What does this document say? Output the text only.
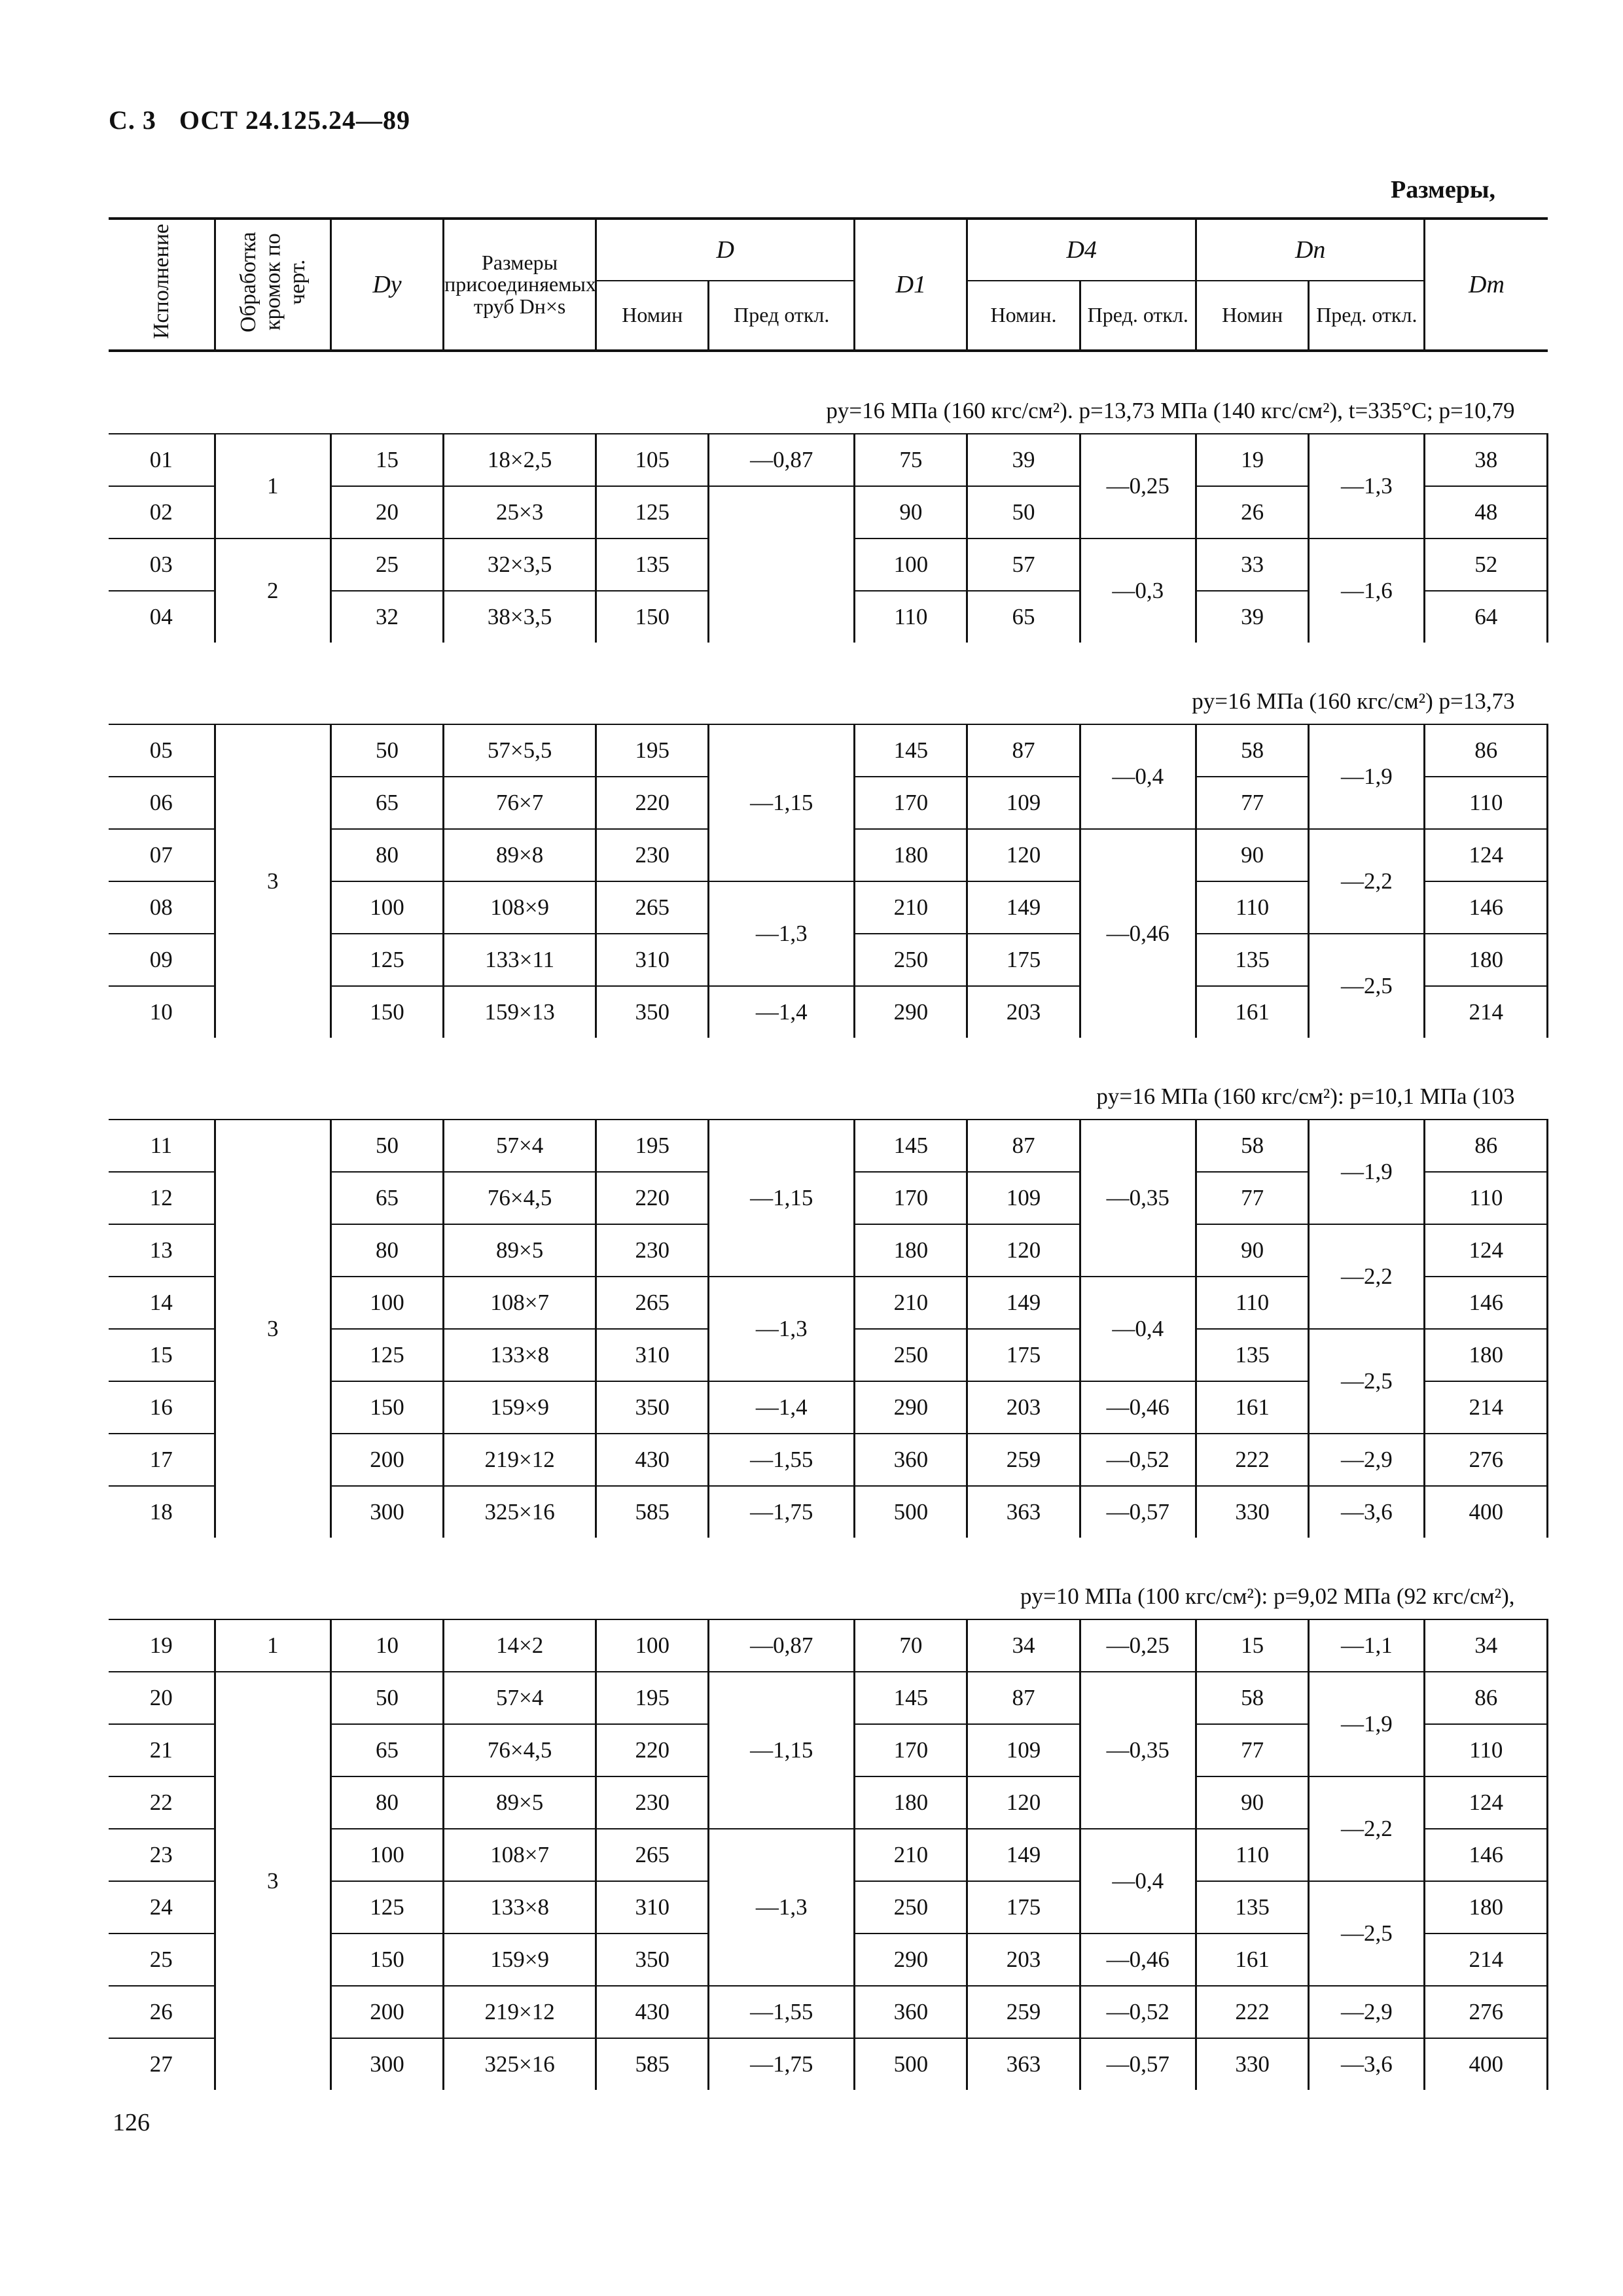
С. 3 ОСТ 24.125.24—89
Размеры,
Исполнение	Обработка кромок по черт.	Dу	Размеры присоединяемых труб Dн×s	D		D1	D4		Dп		Dm
				Номин	Пред откл.		Номин.	Пред. откл.	Номин	Пред. откл.	
pу=16 МПа (160 кгс/см²). p=13,73 МПа (140 кгс/см²), t=335°C; p=10,79											
01	1	15	18×2,5	105	—0,87	75	39	—0,25	19	—1,3	38
02		20	25×3	125		90	50		26		48
03	2	25	32×3,5	135		100	57	—0,3	33	—1,6	52
04		32	38×3,5	150		110	65		39		64
pу=16 МПа (160 кгс/см²) p=13,73											
05	3	50	57×5,5	195	—1,15	145	87	—0,4	58	—1,9	86
06		65	76×7	220		170	109		77		110
07		80	89×8	230		180	120	—0,46	90	—2,2	124
08		100	108×9	265	—1,3	210	149		110		146
09		125	133×11	310		250	175		135	—2,5	180
10		150	159×13	350	—1,4	290	203		161		214
pу=16 МПа (160 кгс/см²): p=10,1 МПа (103											
11	3	50	57×4	195	—1,15	145	87	—0,35	58	—1,9	86
12		65	76×4,5	220		170	109		77		110
13		80	89×5	230		180	120		90	—2,2	124
14		100	108×7	265	—1,3	210	149	—0,4	110		146
15		125	133×8	310		250	175		135	—2,5	180
16		150	159×9	350	—1,4	290	203	—0,46	161		214
17		200	219×12	430	—1,55	360	259	—0,52	222	—2,9	276
18		300	325×16	585	—1,75	500	363	—0,57	330	—3,6	400
pу=10 МПа (100 кгс/см²): p=9,02 МПа (92 кгс/см²),											
19	1	10	14×2	100	—0,87	70	34	—0,25	15	—1,1	34
20	3	50	57×4	195	—1,15	145	87	—0,35	58	—1,9	86
21		65	76×4,5	220		170	109		77		110
22		80	89×5	230		180	120		90	—2,2	124
23		100	108×7	265	—1,3	210	149	—0,4	110		146
24		125	133×8	310		250	175		135	—2,5	180
25		150	159×9	350		290	203	—0,46	161		214
26		200	219×12	430	—1,55	360	259	—0,52	222	—2,9	276
27		300	325×16	585	—1,75	500	363	—0,57	330	—3,6	400
126
